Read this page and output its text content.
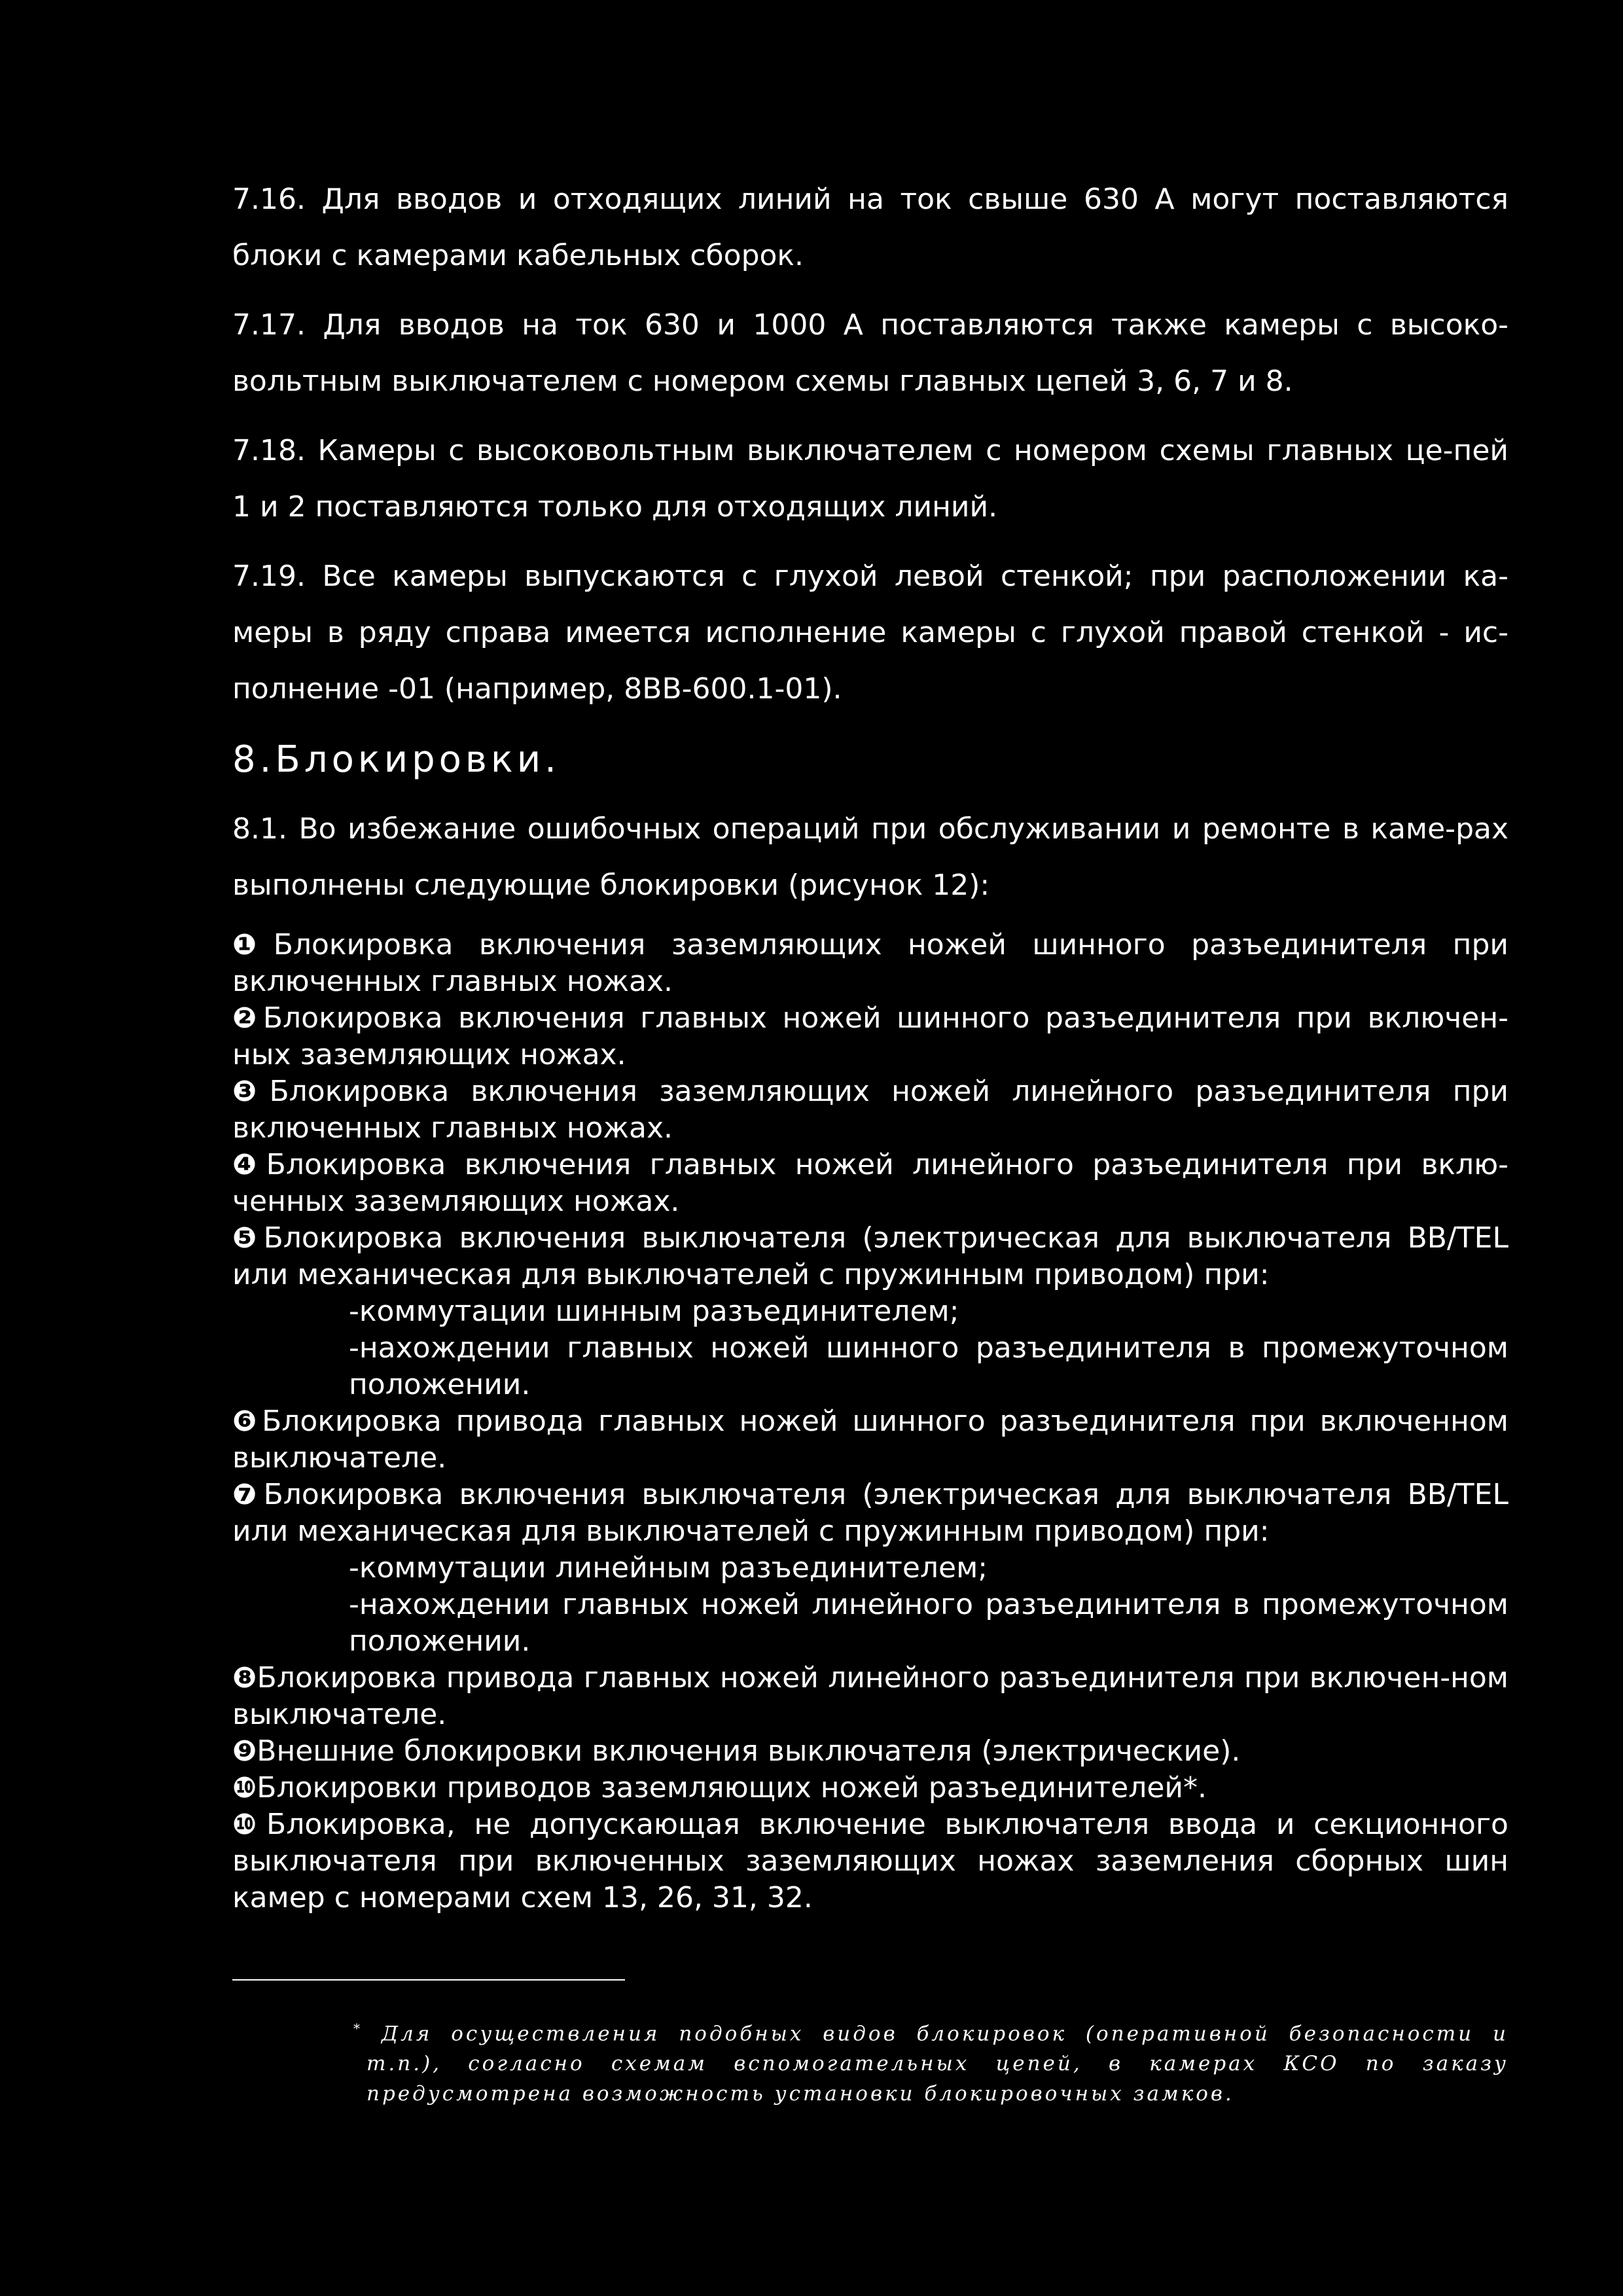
7.16. Для вводов и отходящих линий на ток свыше 630 А могут поставляются блоки с камерами кабельных сборок.

7.17. Для вводов на ток 630 и 1000 А поставляются также камеры с высоко-вольтным выключателем с номером схемы главных цепей 3, 6, 7 и 8.

7.18. Камеры с высоковольтным выключателем с номером схемы главных це-пей 1 и 2 поставляются только для отходящих линий.

7.19. Все камеры выпускаются с глухой левой стенкой; при расположении ка-меры в ряду справа имеется исполнение камеры с глухой правой стенкой - ис-полнение -01 (например, 8ВВ-600.1-01).

8.Блокировки.

8.1. Во избежание ошибочных операций при обслуживании и ремонте в каме-рах выполнены следующие блокировки (рисунок 12):

❶Блокировка включения заземляющих ножей шинного разъединителя при включенных главных ножах.

❷Блокировка включения главных ножей шинного разъединителя при включен-ных заземляющих ножах.

❸Блокировка включения заземляющих ножей линейного разъединителя при включенных главных ножах.

❹Блокировка включения главных ножей линейного разъединителя при вклю-ченных заземляющих ножах.

❺Блокировка включения выключателя (электрическая для выключателя ВВ/TEL или механическая для выключателей с пружинным приводом) при:

-коммутации шинным разъединителем;

-нахождении главных ножей шинного разъединителя в промежуточном положении.

❻Блокировка привода главных ножей шинного разъединителя при включенном выключателе.

❼Блокировка включения выключателя (электрическая для выключателя ВВ/TEL или механическая для выключателей с пружинным приводом) при:

-коммутации линейным разъединителем;

-нахождении главных ножей линейного разъединителя в промежуточном положении.

❽Блокировка привода главных ножей линейного разъединителя при включен-ном выключателе.

❾Внешние блокировки включения выключателя (электрические).

❿Блокировки приводов заземляющих ножей разъединителей*.

❿Блокировка, не допускающая включение выключателя ввода и секционного выключателя при включенных заземляющих ножах заземления сборных шин камер с номерами схем 13, 26, 31, 32.

* Для осуществления подобных видов блокировок (оперативной безопасности и т.п.), согласно схемам вспомогательных цепей, в камерах КСО по заказу предусмотрена возможность установки блокировочных замков.
